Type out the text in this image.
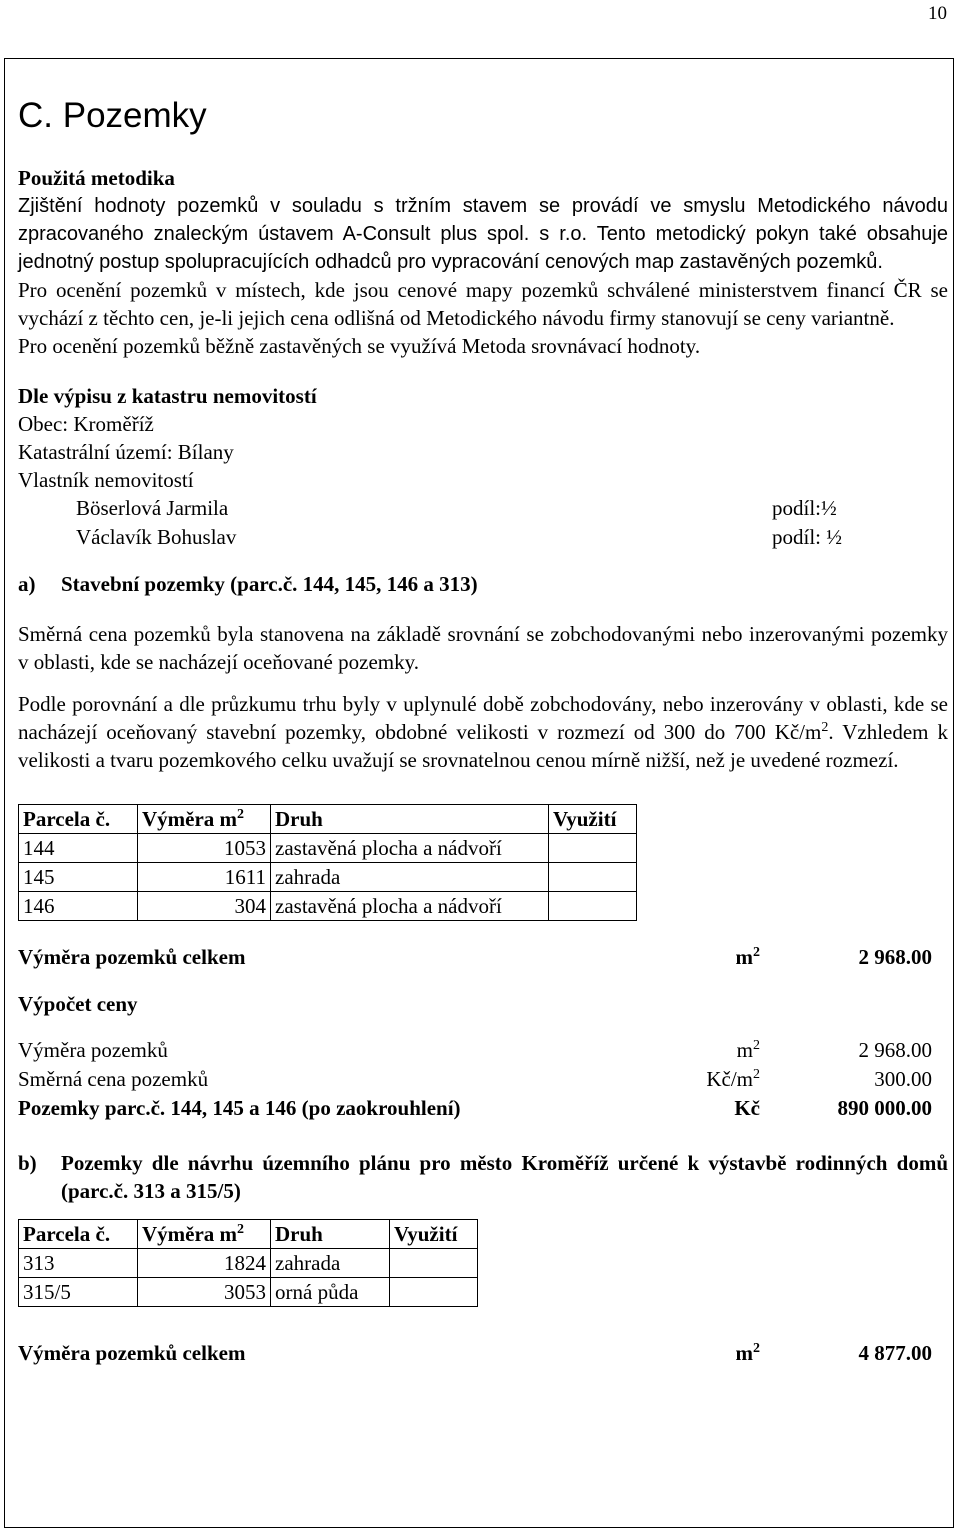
10
C. Pozemky

Použitá metodika

Zjištění hodnoty pozemků v souladu s tržním stavem se provádí ve smyslu Metodického návodu zpracovaného znaleckým ústavem A-Consult plus spol. s r.o. Tento metodický pokyn také obsahuje jednotný postup spolupracujících odhadců pro vypracování cenových map zastavěných pozemků.

Pro ocenění pozemků v místech, kde jsou cenové mapy pozemků schválené ministerstvem financí ČR se vychází z těchto cen, je-li jejich cena odlišná od Metodického návodu firmy stanovují se ceny variantně.

Pro ocenění pozemků běžně zastavěných se využívá Metoda srovnávací hodnoty.

Dle výpisu z katastru nemovitostí

Obec: Kroměříž

Katastrální území: Bílany

Vlastník nemovitostí

Böserlová Jarmila	podíl:½
Václavík Bohuslav	podíl: ½
a) Stavební pozemky (parc.č. 144, 145, 146 a 313)

Směrná cena pozemků byla stanovena na základě srovnání se zobchodovanými nebo inzerovanými pozemky v oblasti, kde se nacházejí oceňované pozemky.

Podle porovnání a dle průzkumu trhu byly v uplynulé době zobchodovány, nebo inzerovány v oblasti, kde se nacházejí oceňovaný stavební pozemky, obdobné velikosti v rozmezí od 300 do 700 $Kč/m^2$. Vzhledem k velikosti a tvaru pozemkového celku uvažují se srovnatelnou cenou mírně nižší, než je uvedené rozmezí.

Parcela č.	Výměra $m^2$	Druh	Využití
144	1053	zastavěná plocha a nádvoří	
145	1611	zahrada	
146	304	zastavěná plocha a nádvoří	
Výměra pozemků celkem	$m^2$	2 968.00

Výpočet ceny

Výměra pozemků	$m^2$	2 968.00
Směrná cena pozemků	$Kč/m^2$	300.00
Pozemky parc.č. 144, 145 a 146 (po zaokrouhlení)	Kč	890 000.00
b) Pozemky dle návrhu územního plánu pro město Kroměříž určené k výstavbě rodinných domů (parc.č. 313 a 315/5)
Parcela č.	Výměra $m^2$	Druh	Využití
313	1824	zahrada	
315/5	3053	orná půda	
Výměra pozemků celkem	$m^2$	4 877.00
